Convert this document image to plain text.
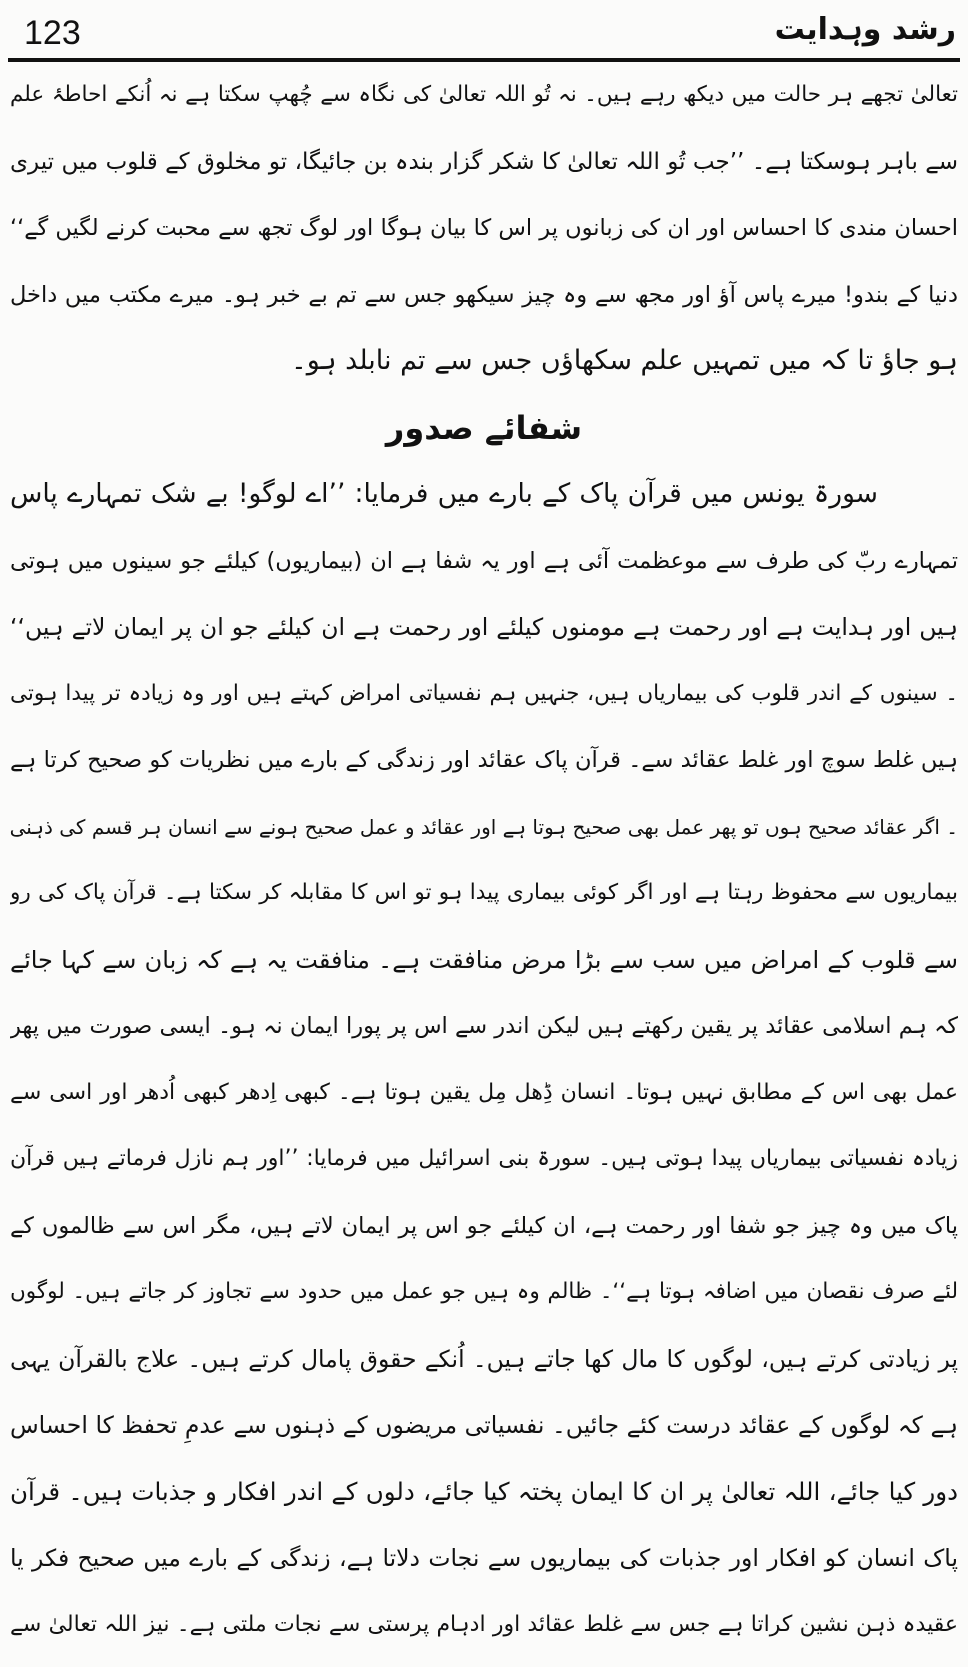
123	رشد وہدایت
تعالیٰ تجھے ہر حالت میں دیکھ رہے ہیں۔ نہ تُو اللہ تعالیٰ کی نگاہ سے چُھپ سکتا ہے نہ اُنکے احاطۂ علم
سے باہر ہوسکتا ہے۔ ’’جب تُو اللہ تعالیٰ کا شکر گزار بندہ بن جائیگا، تو مخلوق کے قلوب میں تیری
احسان مندی کا احساس اور ان کی زبانوں پر اس کا بیان ہوگا اور لوگ تجھ سے محبت کرنے لگیں گے‘‘
دنیا کے بندو! میرے پاس آؤ اور مجھ سے وہ چیز سیکھو جس سے تم بے خبر ہو۔ میرے مکتب میں داخل
ہو جاؤ تا کہ میں تمہیں علم سکھاؤں جس سے تم نابلد ہو۔
شفائے صدور
سورۃ یونس میں قرآن پاک کے بارے میں فرمایا: ’’اے لوگو! بے شک تمہارے پاس
تمہارے ربّ کی طرف سے موعظمت آئی ہے اور یہ شفا ہے ان (بیماریوں) کیلئے جو سینوں میں ہوتی
ہیں اور ہدایت ہے اور رحمت ہے مومنوں کیلئے اور رحمت ہے ان کیلئے جو ان پر ایمان لاتے ہیں‘‘
۔ سینوں کے اندر قلوب کی بیماریاں ہیں، جنہیں ہم نفسیاتی امراض کہتے ہیں اور وہ زیادہ تر پیدا ہوتی
ہیں غلط سوچ اور غلط عقائد سے۔ قرآن پاک عقائد اور زندگی کے بارے میں نظریات کو صحیح کرتا ہے
۔ اگر عقائد صحیح ہوں تو پھر عمل بھی صحیح ہوتا ہے اور عقائد و عمل صحیح ہونے سے انسان ہر قسم کی ذہنی
بیماریوں سے محفوظ رہتا ہے اور اگر کوئی بیماری پیدا ہو تو اس کا مقابلہ کر سکتا ہے۔ قرآن پاک کی رو
سے قلوب کے امراض میں سب سے بڑا مرض منافقت ہے۔ منافقت یہ ہے کہ زبان سے کہا جائے
کہ ہم اسلامی عقائد پر یقین رکھتے ہیں لیکن اندر سے اس پر پورا ایمان نہ ہو۔ ایسی صورت میں پھر
عمل بھی اس کے مطابق نہیں ہوتا۔ انسان ڈِھل مِل یقین ہوتا ہے۔ کبھی اِدھر کبھی اُدھر اور اسی سے
زیادہ نفسیاتی بیماریاں پیدا ہوتی ہیں۔ سورۃ بنی اسرائیل میں فرمایا: ’’اور ہم نازل فرماتے ہیں قرآن
پاک میں وہ چیز جو شفا اور رحمت ہے، ان کیلئے جو اس پر ایمان لاتے ہیں، مگر اس سے ظالموں کے
لئے صرف نقصان میں اضافہ ہوتا ہے‘‘۔ ظالم وہ ہیں جو عمل میں حدود سے تجاوز کر جاتے ہیں۔ لوگوں
پر زیادتی کرتے ہیں، لوگوں کا مال کھا جاتے ہیں۔ اُنکے حقوق پامال کرتے ہیں۔ علاج بالقرآن یہی
ہے کہ لوگوں کے عقائد درست کئے جائیں۔ نفسیاتی مریضوں کے ذہنوں سے عدمِ تحفظ کا احساس
دور کیا جائے، اللہ تعالیٰ پر ان کا ایمان پختہ کیا جائے، دلوں کے اندر افکار و جذبات ہیں۔ قرآن
پاک انسان کو افکار اور جذبات کی بیماریوں سے نجات دلاتا ہے، زندگی کے بارے میں صحیح فکر یا
عقیدہ ذہن نشین کراتا ہے جس سے غلط عقائد اور ادہام پرستی سے نجات ملتی ہے۔ نیز اللہ تعالیٰ سے
